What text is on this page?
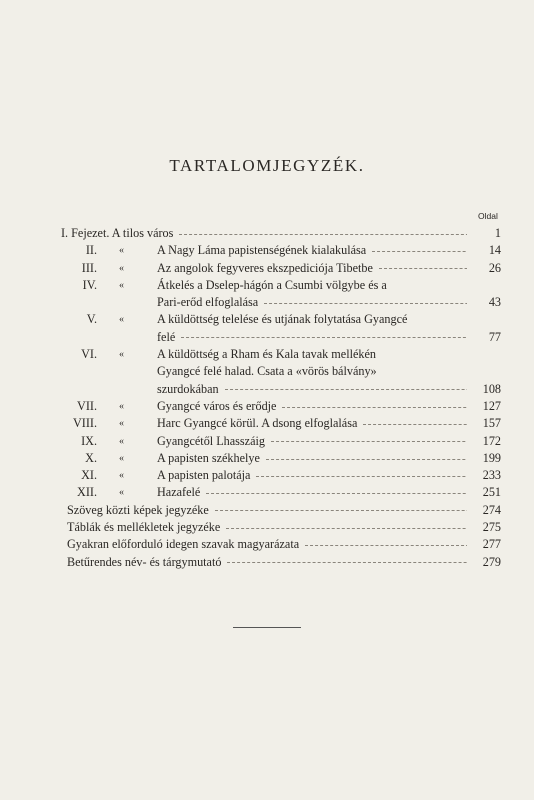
TARTALOMJEGYZÉK.
Oldal
I. Fejezet. A tilos város	1
II. «	A Nagy Láma papistenségének kialakulása	14
III. «	Az angolok fegyveres ekszpediciója Tibetbe	26
IV. «	Átkelés a Dselep-hágón a Csumbi völgybe és a
Pari-erőd elfoglalása	43
V. «	A küldöttség telelése és utjának folytatása Gyangcé
felé	77
VI. «	A küldöttség a Rham és Kala tavak mellékén
Gyangcé felé halad. Csata a «vörös bálvány»
szurdokában	108
VII. «	Gyangcé város és erődje	127
VIII. «	Harc Gyangcé körül. A dsong elfoglalása	157
IX. «	Gyangcétől Lhasszáig	172
X. «	A papisten székhelye	199
XI. «	A papisten palotája	233
XII. «	Hazafelé	251
Szöveg közti képek jegyzéke	274
Táblák és mellékletek jegyzéke	275
Gyakran előforduló idegen szavak magyarázata	277
Betűrendes név- és tárgymutató	279
